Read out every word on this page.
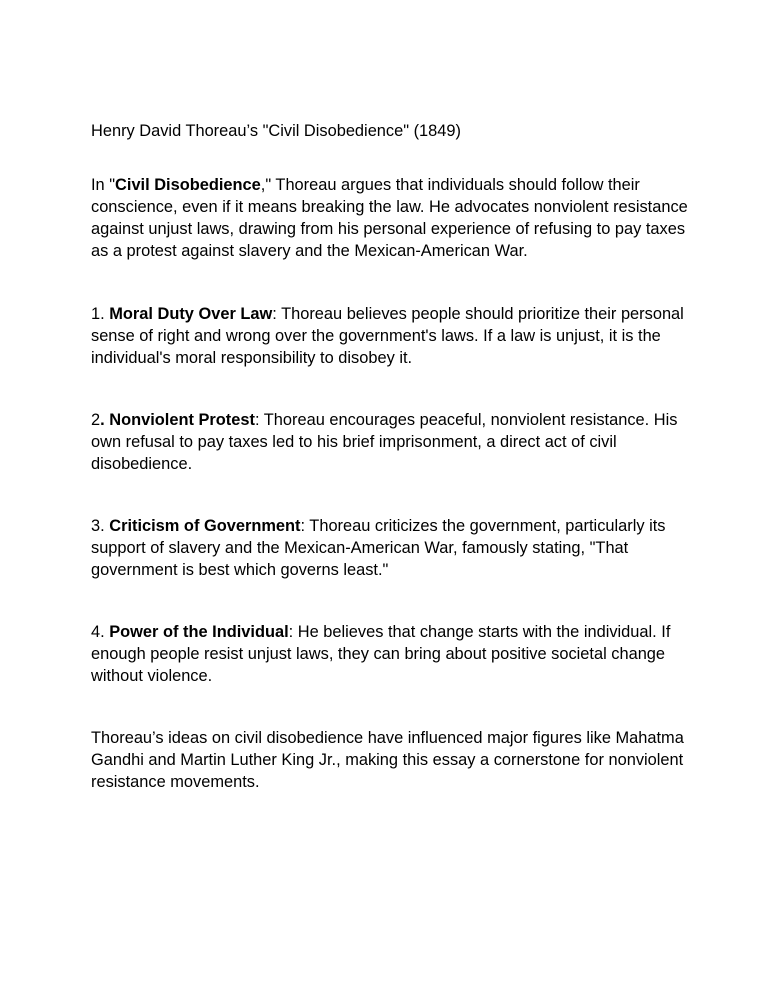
Henry David Thoreau’s "Civil Disobedience" (1849)

In "Civil Disobedience," Thoreau argues that individuals should follow their conscience, even if it means breaking the law. He advocates nonviolent resistance against unjust laws, drawing from his personal experience of refusing to pay taxes as a protest against slavery and the Mexican-American War.

1. Moral Duty Over Law: Thoreau believes people should prioritize their personal sense of right and wrong over the government's laws. If a law is unjust, it is the individual's moral responsibility to disobey it.

2. Nonviolent Protest: Thoreau encourages peaceful, nonviolent resistance. His own refusal to pay taxes led to his brief imprisonment, a direct act of civil disobedience.

3. Criticism of Government: Thoreau criticizes the government, particularly its support of slavery and the Mexican-American War, famously stating, "That government is best which governs least."

4. Power of the Individual: He believes that change starts with the individual. If enough people resist unjust laws, they can bring about positive societal change without violence.

Thoreau’s ideas on civil disobedience have influenced major figures like Mahatma Gandhi and Martin Luther King Jr., making this essay a cornerstone for nonviolent resistance movements.
